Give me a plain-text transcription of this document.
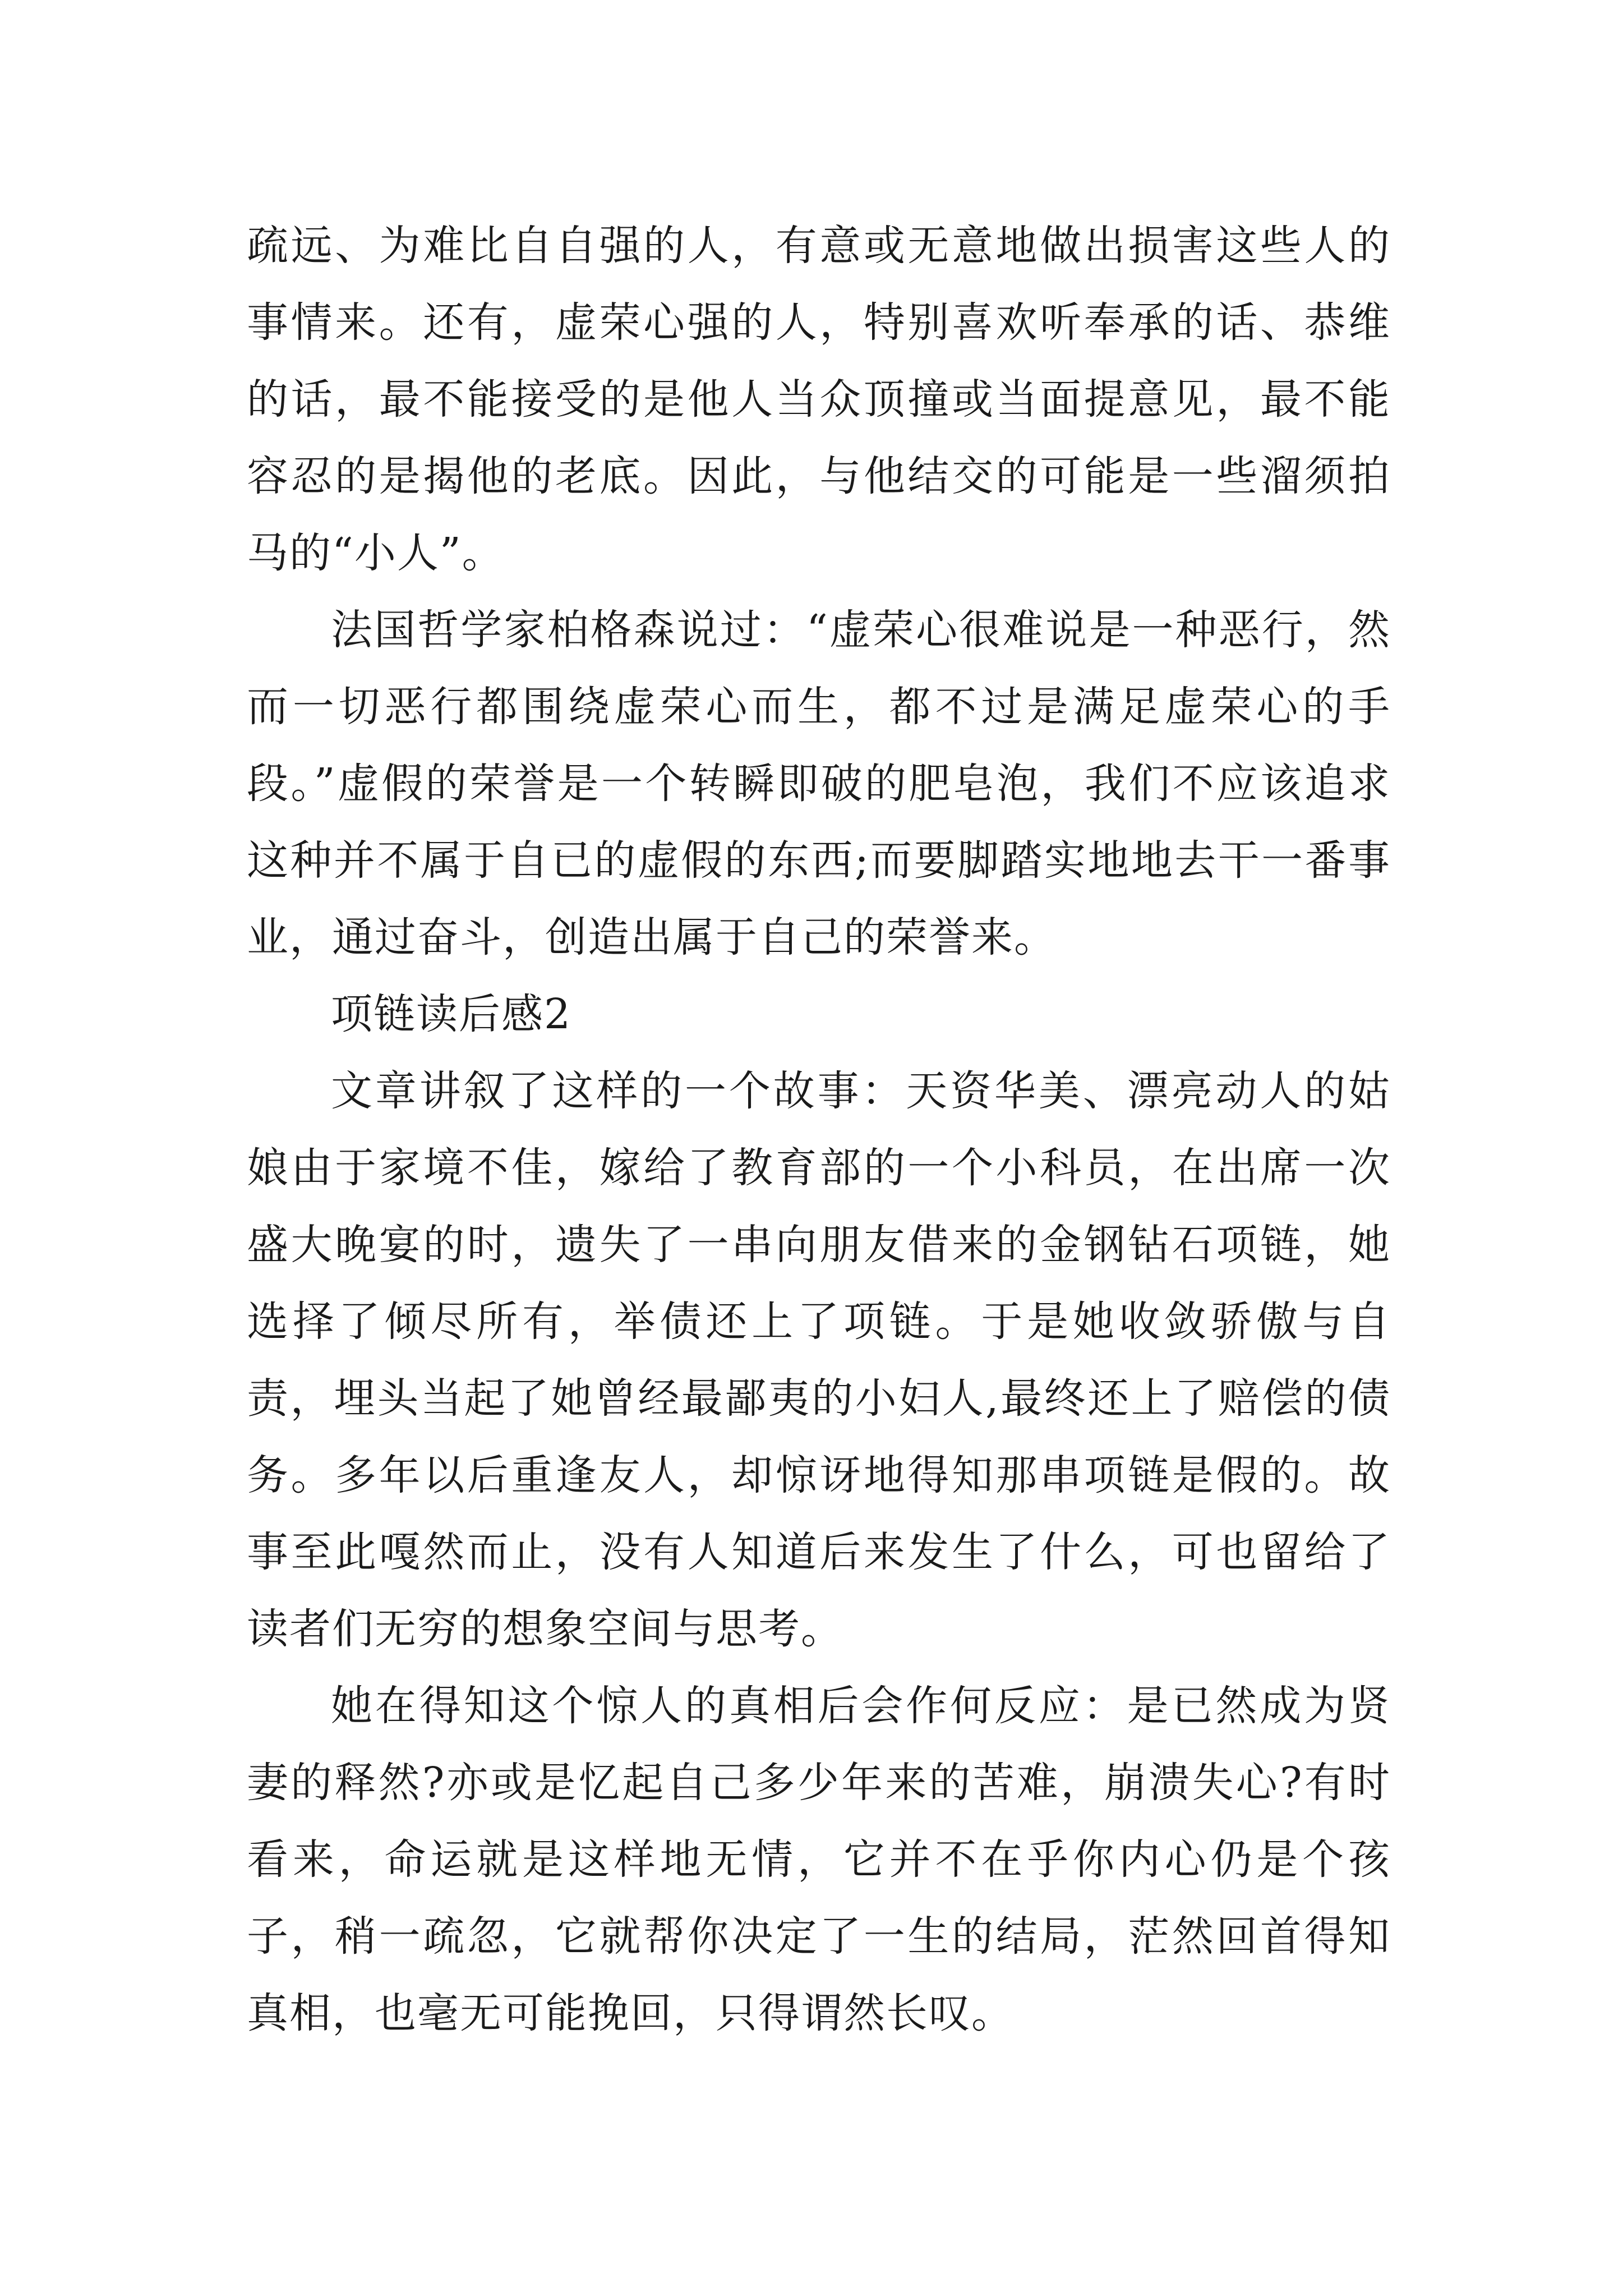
疏远、为难比自自强的人，有意或无意地做出损害这些人的事情来。还有，虚荣心强的人，特别喜欢听奉承的话、恭维的话，最不能接受的是他人当众顶撞或当面提意见，最不能容忍的是揭他的老底。因此，与他结交的可能是一些溜须拍马的“小人”。

法国哲学家柏格森说过：“虚荣心很难说是一种恶行，然而一切恶行都围绕虚荣心而生，都不过是满足虚荣心的手段。”虚假的荣誉是一个转瞬即破的肥皂泡，我们不应该追求这种并不属于自已的虚假的东西;而要脚踏实地地去干一番事业，通过奋斗，创造出属于自己的荣誉来。

项链读后感2

文章讲叙了这样的一个故事：天资华美、漂亮动人的姑娘由于家境不佳，嫁给了教育部的一个小科员，在出席一次盛大晚宴的时，遗失了一串向朋友借来的金钢钻石项链，她选择了倾尽所有，举债还上了项链。于是她收敛骄傲与自责，埋头当起了她曾经最鄙夷的小妇人,最终还上了赔偿的债务。多年以后重逢友人，却惊讶地得知那串项链是假的。故事至此嘎然而止，没有人知道后来发生了什么，可也留给了读者们无穷的想象空间与思考。

她在得知这个惊人的真相后会作何反应：是已然成为贤妻的释然?亦或是忆起自己多少年来的苦难，崩溃失心?有时看来，命运就是这样地无情，它并不在乎你内心仍是个孩子，稍一疏忽，它就帮你决定了一生的结局，茫然回首得知真相，也毫无可能挽回，只得谓然长叹。
